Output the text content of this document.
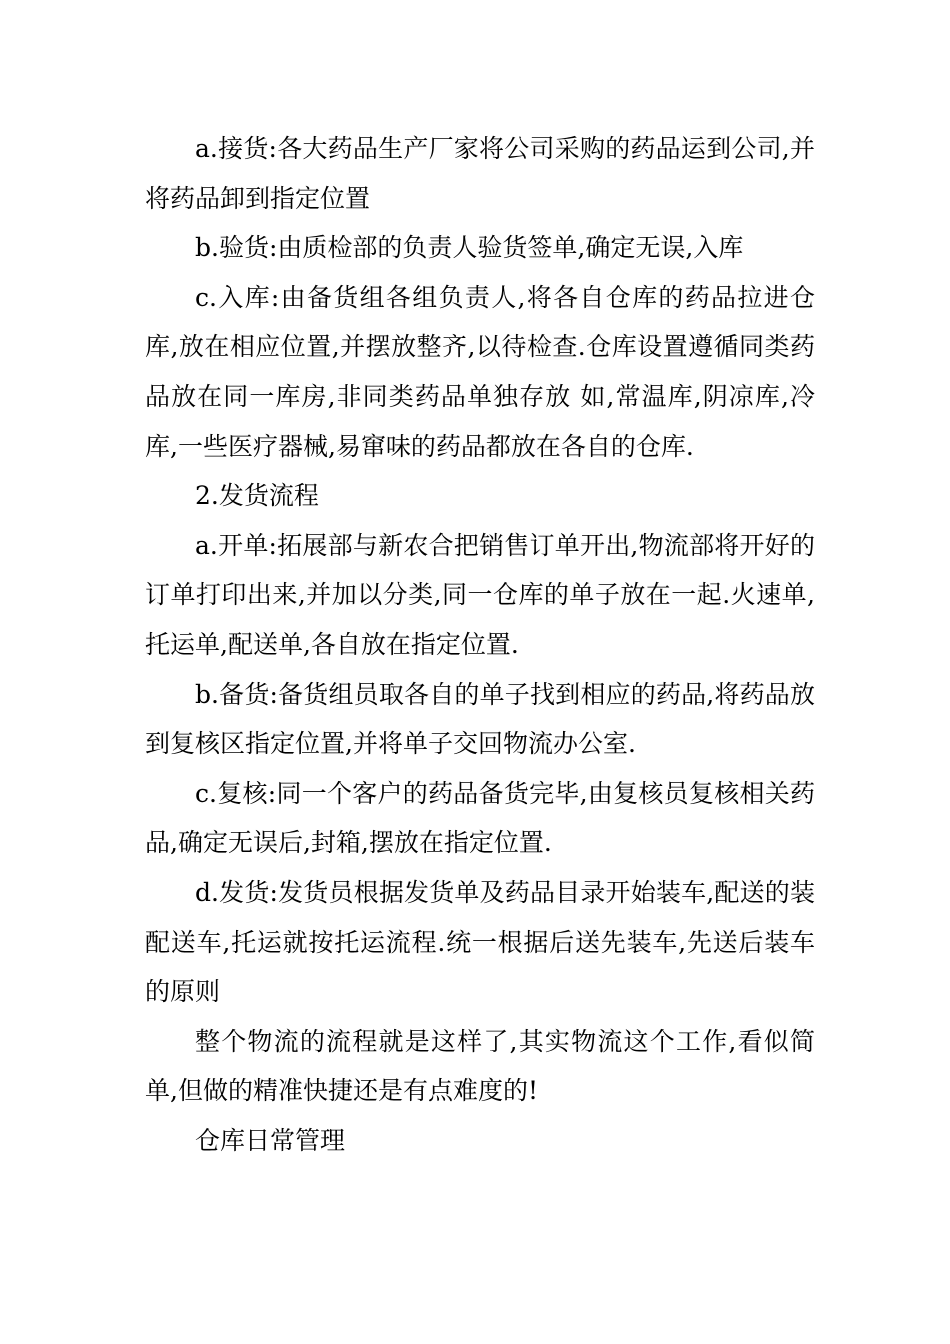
a.接货:各大药品生产厂家将公司采购的药品运到公司,并将药品卸到指定位置

b.验货:由质检部的负责人验货签单,确定无误,入库

c.入库:由备货组各组负责人,将各自仓库的药品拉进仓库,放在相应位置,并摆放整齐,以待检查.仓库设置遵循同类药品放在同一库房,非同类药品单独存放 如,常温库,阴凉库,冷库,一些医疗器械,易窜味的药品都放在各自的仓库.

2.发货流程

a.开单:拓展部与新农合把销售订单开出,物流部将开好的订单打印出来,并加以分类,同一仓库的单子放在一起.火速单,托运单,配送单,各自放在指定位置.

b.备货:备货组员取各自的单子找到相应的药品,将药品放到复核区指定位置,并将单子交回物流办公室.

c.复核:同一个客户的药品备货完毕,由复核员复核相关药品,确定无误后,封箱,摆放在指定位置.

d.发货:发货员根据发货单及药品目录开始装车,配送的装配送车,托运就按托运流程.统一根据后送先装车,先送后装车的原则

整个物流的流程就是这样了,其实物流这个工作,看似简单,但做的精准快捷还是有点难度的!

仓库日常管理
